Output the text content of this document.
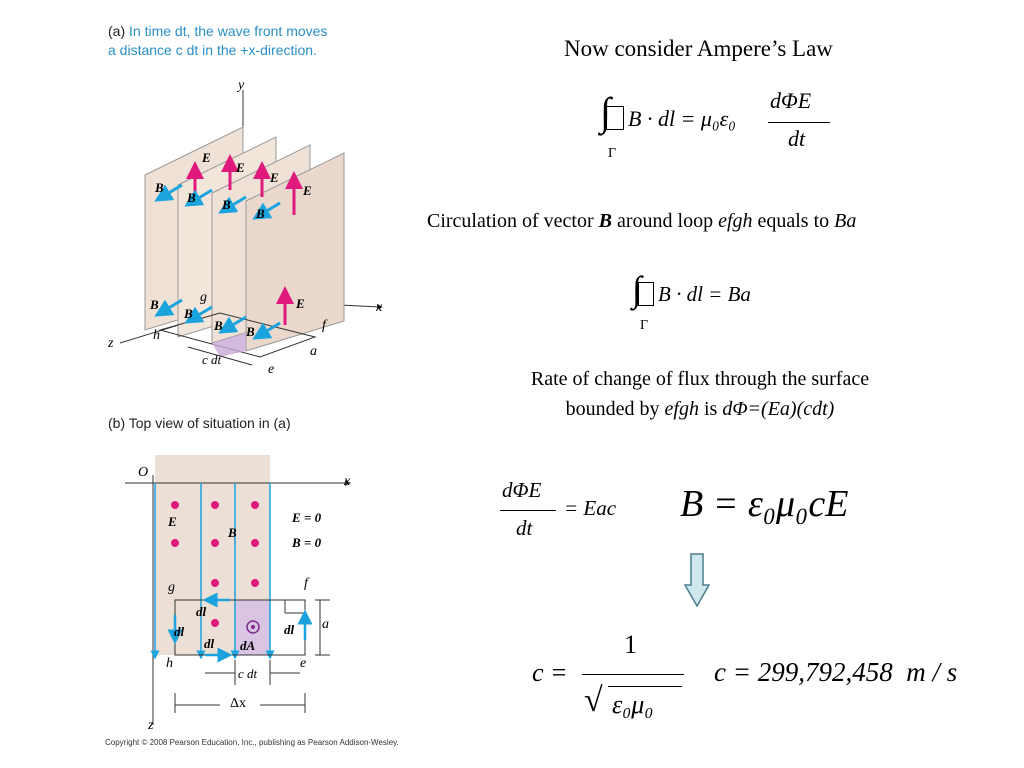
(a) In time dt, the wave front moves
a distance c dt in the +x-direction.
y
x
z
E
E
E
E
E
B
B B
B
B
B
B B
g
h
f
a
e
c dt
(b) Top view of situation in (a)
O
x
z
E
B
E = 0
B = 0
g	f
h	e
a
dl
dl
dl
dl
dA
c dt
Δx
Copyright © 2008 Pearson Education, Inc., publishing as Pearson Addison-Wesley.
Now consider Ampere’s Law
∫ B · dl = μ₀ε₀
dΦE
dt
Γ
Circulation of vector B around loop efgh equals to Ba
∫ B · dl = Ba
Γ
Rate of change of flux through the surface
bounded by efgh is dΦ=(Ea)(cdt)
dΦE
dt
= Eac B = ε₀μ₀cE
c =
1
√ ε₀μ₀
c = 299,792,458  m / s
